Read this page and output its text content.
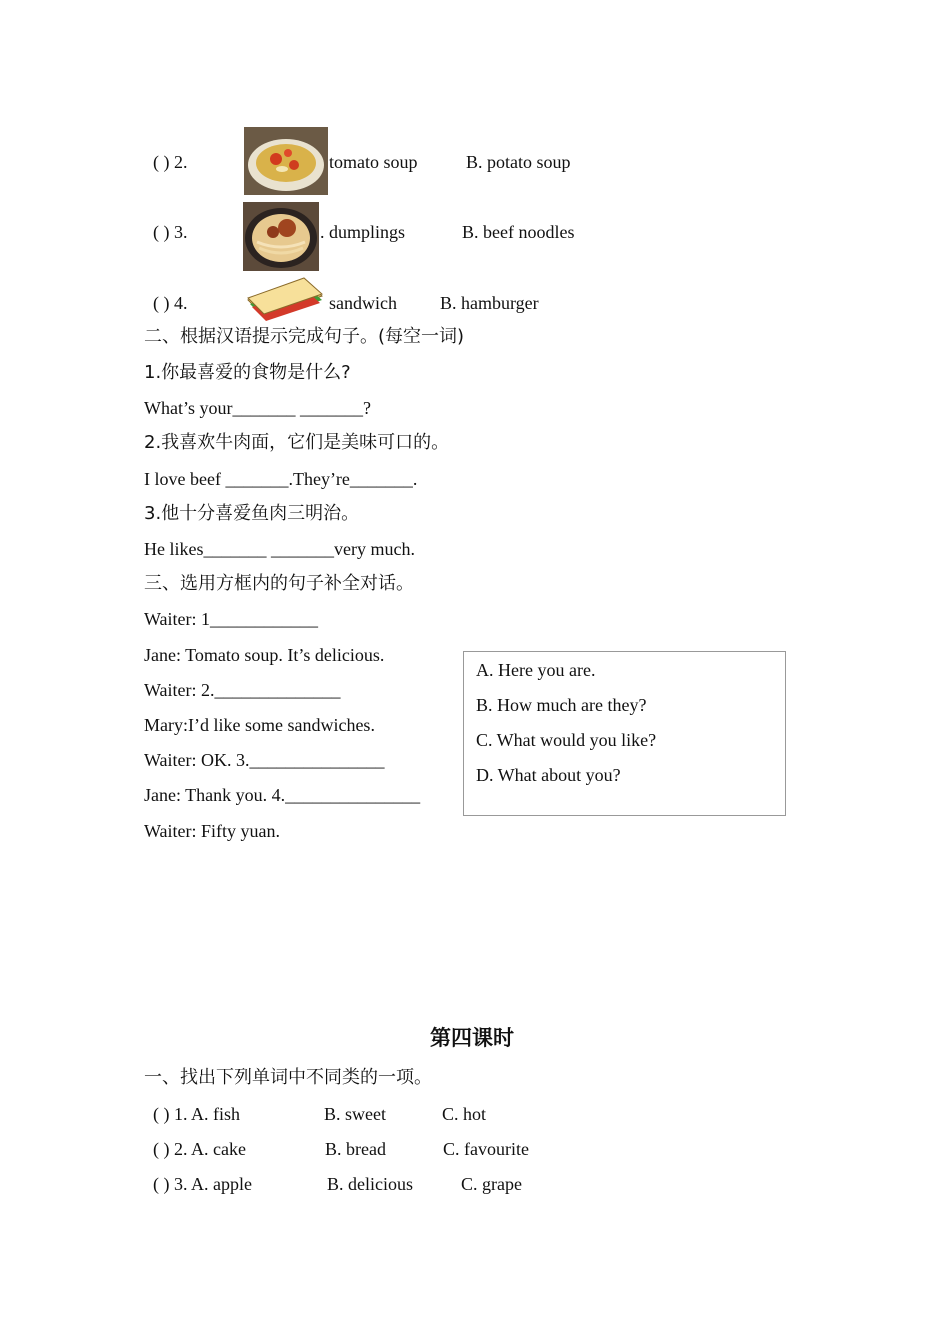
( ) 2.	tomato soup	B. potato soup
( ) 3.	. dumplings	B. beef noodles
( ) 4.	sandwich B. hamburger
二、根据汉语提示完成句子。(每空一词)
1.你最喜爱的食物是什么?
What’s your_______ _______?
2.我喜欢牛肉面，它们是美味可口的。
I love beef _______.They’re_______.
3.他十分喜爱鱼肉三明治。
He likes_______ _______very much.
三、选用方框内的句子补全对话。
Waiter: 1____________
Jane: Tomato soup. It’s delicious.
Waiter: 2.______________
Mary:I’d like some sandwiches.
Waiter: OK. 3._______________
Jane: Thank you. 4._______________
Waiter: Fifty yuan.
A. Here you are.
B. How much are they?
C. What would you like?
D. What about you?
第四课时
一、找出下列单词中不同类的一项。
( ) 1. A. fish	B. sweet	C. hot
( ) 2. A. cake	B. bread	C. favourite
( ) 3. A. apple	B. delicious	C. grape
